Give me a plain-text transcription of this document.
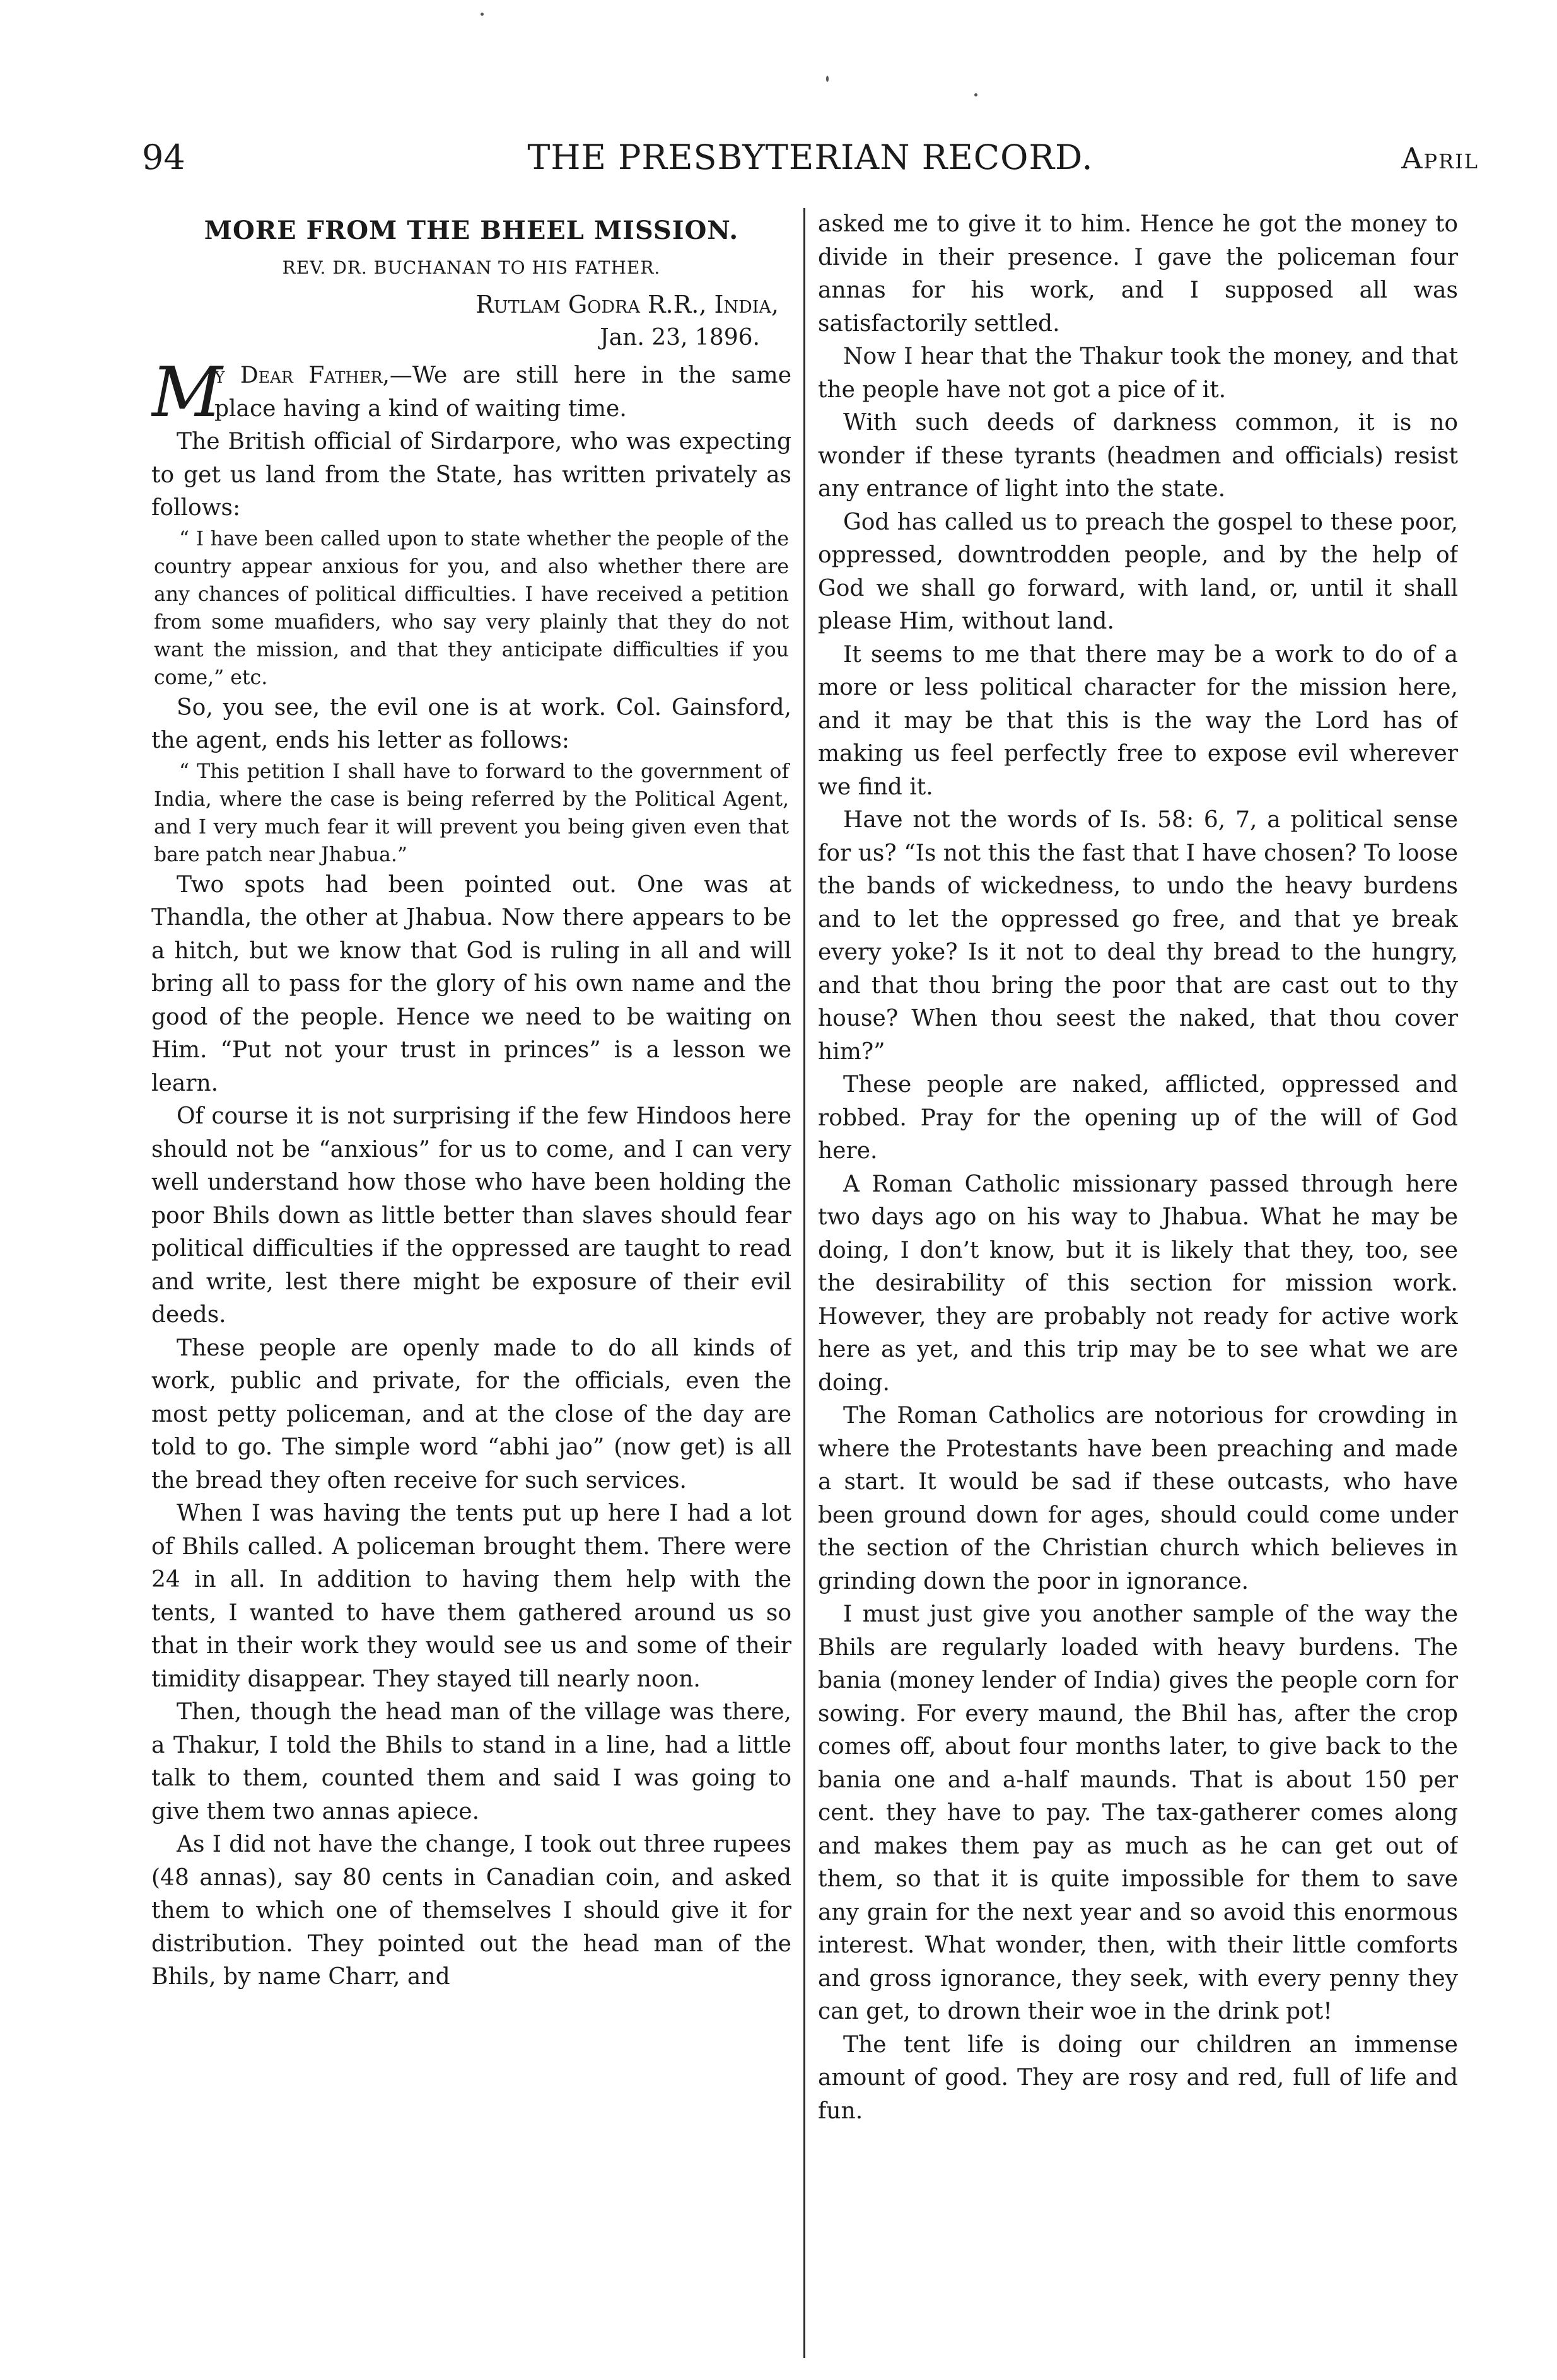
94	THE PRESBYTERIAN RECORD.	April
MORE FROM THE BHEEL MISSION.
REV. DR. BUCHANAN TO HIS FATHER.
Rutlam Godra R.R., India,
Jan. 23, 1896.

M
y Dear Father,—We are still here in the same place having a kind of waiting time.

The British official of Sirdarpore, who was expecting to get us land from the State, has written privately as follows:

“ I have been called upon to state whether the people of the country appear anxious for you, and also whether there are any chances of political difficulties. I have received a petition from some muafiders, who say very plainly that they do not want the mission, and that they anticipate difficulties if you come,” etc.

So, you see, the evil one is at work. Col. Gainsford, the agent, ends his letter as follows:

“ This petition I shall have to forward to the government of India, where the case is being referred by the Political Agent, and I very much fear it will prevent you being given even that bare patch near Jhabua.”

Two spots had been pointed out. One was at Thandla, the other at Jhabua. Now there appears to be a hitch, but we know that God is ruling in all and will bring all to pass for the glory of his own name and the good of the people. Hence we need to be waiting on Him. “Put not your trust in princes” is a lesson we learn.

Of course it is not surprising if the few Hindoos here should not be “anxious” for us to come, and I can very well understand how those who have been holding the poor Bhils down as little better than slaves should fear political difficulties if the oppressed are taught to read and write, lest there might be exposure of their evil deeds.

These people are openly made to do all kinds of work, public and private, for the officials, even the most petty policeman, and at the close of the day are told to go. The simple word “abhi jao” (now get) is all the bread they often receive for such services.

When I was having the tents put up here I had a lot of Bhils called. A policeman brought them. There were 24 in all. In addition to having them help with the tents, I wanted to have them gathered around us so that in their work they would see us and some of their timidity disappear. They stayed till nearly noon.

Then, though the head man of the village was there, a Thakur, I told the Bhils to stand in a line, had a little talk to them, counted them and said I was going to give them two annas apiece.

As I did not have the change, I took out three rupees (48 annas), say 80 cents in Canadian coin, and asked them to which one of themselves I should give it for distribution. They pointed out the head man of the Bhils, by name Charr, and

asked me to give it to him. Hence he got the money to divide in their presence. I gave the policeman four annas for his work, and I supposed all was satisfactorily settled.

Now I hear that the Thakur took the money, and that the people have not got a pice of it.

With such deeds of darkness common, it is no wonder if these tyrants (headmen and officials) resist any entrance of light into the state.

God has called us to preach the gospel to these poor, oppressed, downtrodden people, and by the help of God we shall go forward, with land, or, until it shall please Him, without land.

It seems to me that there may be a work to do of a more or less political character for the mission here, and it may be that this is the way the Lord has of making us feel perfectly free to expose evil wherever we find it.

Have not the words of Is. 58: 6, 7, a political sense for us? “Is not this the fast that I have chosen? To loose the bands of wickedness, to undo the heavy burdens and to let the oppressed go free, and that ye break every yoke? Is it not to deal thy bread to the hungry, and that thou bring the poor that are cast out to thy house? When thou seest the naked, that thou cover him?”

These people are naked, afflicted, oppressed and robbed. Pray for the opening up of the will of God here.

A Roman Catholic missionary passed through here two days ago on his way to Jhabua. What he may be doing, I don’t know, but it is likely that they, too, see the desirability of this section for mission work. However, they are probably not ready for active work here as yet, and this trip may be to see what we are doing.

The Roman Catholics are notorious for crowding in where the Protestants have been preaching and made a start. It would be sad if these outcasts, who have been ground down for ages, should could come under the section of the Christian church which believes in grinding down the poor in ignorance.

I must just give you another sample of the way the Bhils are regularly loaded with heavy burdens. The bania (money lender of India) gives the people corn for sowing. For every maund, the Bhil has, after the crop comes off, about four months later, to give back to the bania one and a-half maunds. That is about 150 per cent. they have to pay. The tax-gatherer comes along and makes them pay as much as he can get out of them, so that it is quite impossible for them to save any grain for the next year and so avoid this enormous interest. What wonder, then, with their little comforts and gross ignorance, they seek, with every penny they can get, to drown their woe in the drink pot!

The tent life is doing our children an immense amount of good. They are rosy and red, full of life and fun.
